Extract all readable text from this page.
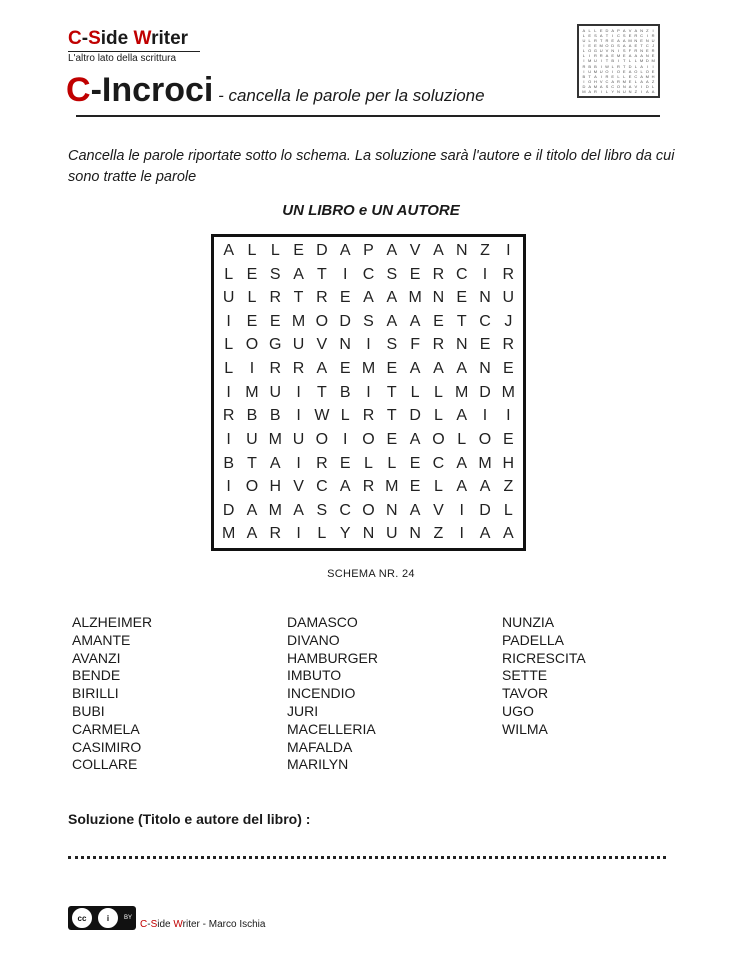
C-Side Writer
L'altro lato della scrittura
C-Incroci - cancella le parole per la soluzione
A L L E D A P A V A N Z I
L E S A T I C S E R C I R
U L R T R E A A M N E N U
I E E M O D S A A E T C J
L O G U V N I S F R N E R
L	I R R A E M E A A A N E
I M U I T B I T L L M D M
R B B I W L R T D L A I	I
I U M U O I O E A O L O E
B T A I R E L L E C A M H
I O H V C A R M E L A A Z
D A M A S C O N A V I D L
M A R I	L Y N U N Z I A A
Cancella le parole riportate sotto lo schema. La soluzione sarà l'autore e il titolo del libro da cui sono tratte le parole
UN LIBRO e UN AUTORE
A L L E D A P A V A N Z	I
L E S A T	I C S E R C I R
U L R T R E A A M N E N U
I E E M O D S A A E T C J
L O G U V N I S F R N E R
L	I R R A E M E A A A N E
I M U I	T B I	T L L M D M
R B B I W L R T D L A I	I
I U M U O I O E A O L O E
B T A I R E L L E C A M H
I O H V C A R M E L A A Z
D A M A S C O N A V I D L
M A R I	L Y N U N Z	I A A
SCHEMA NR. 24
ALZHEIMER
AMANTE
AVANZI
BENDE
BIRILLI
BUBI
CARMELA
CASIMIRO
COLLARE
DAMASCO
DIVANO
HAMBURGER
IMBUTO
INCENDIO
JURI
MACELLERIA
MAFALDA
MARILYN
NUNZIA
PADELLA
RICRESCITA
SETTE
TAVOR
UGO
WILMA
Soluzione (Titolo e autore del libro) :
cc	i	BY
C-Side Writer - Marco Ischia
